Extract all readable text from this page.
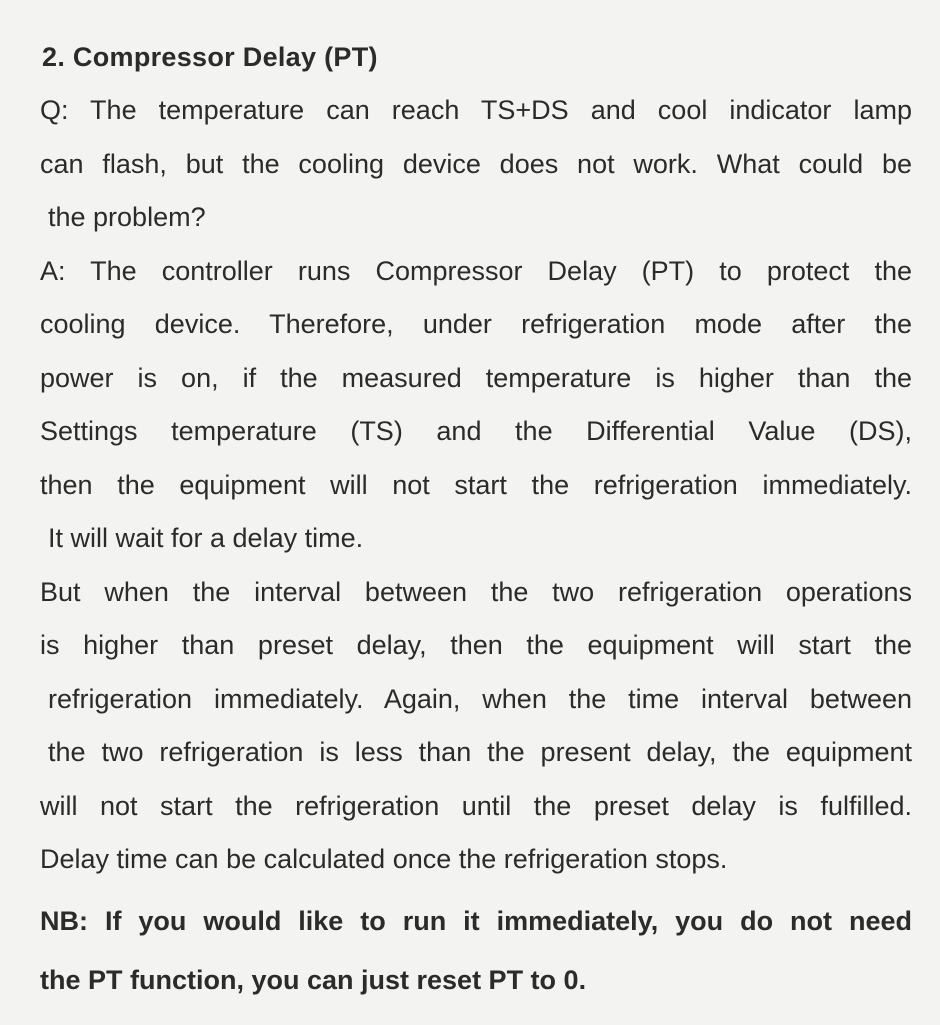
2. Compressor Delay (PT)
Q: The temperature can reach TS+DS and cool indicator lamp
can flash, but the cooling device does not work. What could be
the problem?
A: The controller runs Compressor Delay (PT) to protect the
cooling device. Therefore, under refrigeration mode after the
power is on, if the measured temperature is higher than the
Settings temperature (TS) and the Differential Value (DS),
then the equipment will not start the refrigeration immediately.
It will wait for a delay time.
But when the interval between the two refrigeration operations
is higher than preset delay, then the equipment will start the
refrigeration immediately. Again, when the time interval between
the two refrigeration is less than the present delay, the equipment
will not start the refrigeration until the preset delay is fulfilled.
Delay time can be calculated once the refrigeration stops.
NB: If you would like to run it immediately, you do not need
the PT function, you can just reset PT to 0.
